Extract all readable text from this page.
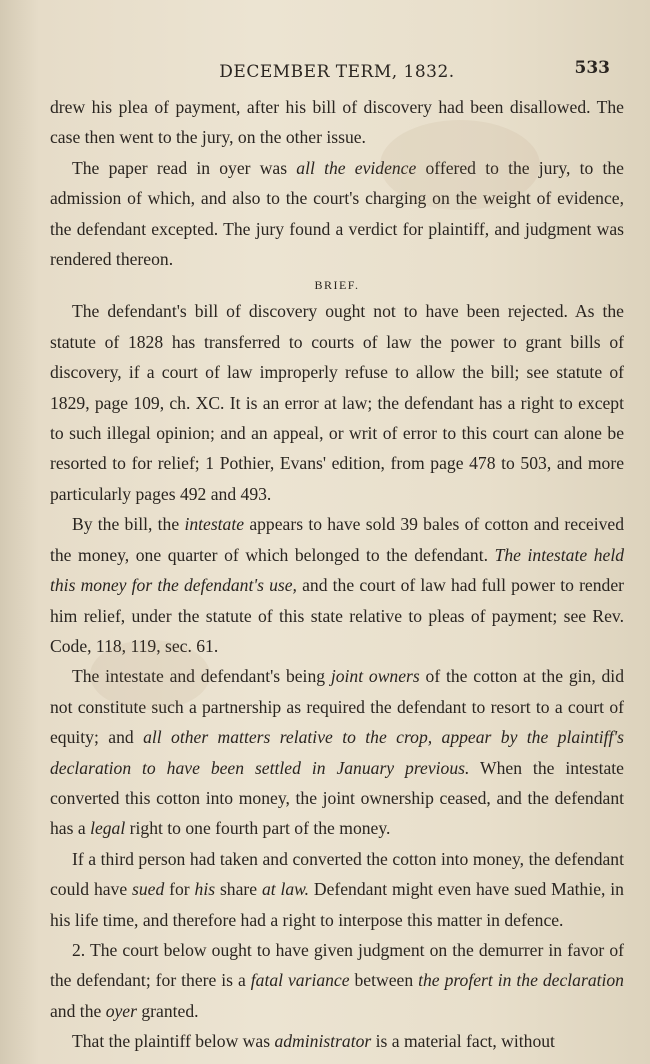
DECEMBER TERM, 1832.	533

drew his plea of payment, after his bill of discovery had been disallowed. The case then went to the jury, on the other issue.

The paper read in oyer was all the evidence offered to the jury, to the admission of which, and also to the court's charging on the weight of evidence, the defendant excepted. The jury found a verdict for plaintiff, and judgment was rendered thereon.

BRIEF.

The defendant's bill of discovery ought not to have been rejected. As the statute of 1828 has transferred to courts of law the power to grant bills of discovery, if a court of law improperly refuse to allow the bill; see statute of 1829, page 109, ch. XC. It is an error at law; the defendant has a right to except to such illegal opinion; and an appeal, or writ of error to this court can alone be resorted to for relief; 1 Pothier, Evans' edition, from page 478 to 503, and more particularly pages 492 and 493.

By the bill, the intestate appears to have sold 39 bales of cotton and received the money, one quarter of which belonged to the defendant. The intestate held this money for the defendant's use, and the court of law had full power to render him relief, under the statute of this state relative to pleas of payment; see Rev. Code, 118, 119, sec. 61.

The intestate and defendant's being joint owners of the cotton at the gin, did not constitute such a partnership as required the defendant to resort to a court of equity; and all other matters relative to the crop, appear by the plaintiff's declaration to have been settled in January previous. When the intestate converted this cotton into money, the joint ownership ceased, and the defendant has a legal right to one fourth part of the money.

If a third person had taken and converted the cotton into money, the defendant could have sued for his share at law. Defendant might even have sued Mathie, in his life time, and therefore had a right to interpose this matter in defence.

2. The court below ought to have given judgment on the demurrer in favor of the defendant; for there is a fatal variance between the profert in the declaration and the oyer granted.

That the plaintiff below was administrator is a material fact, without
